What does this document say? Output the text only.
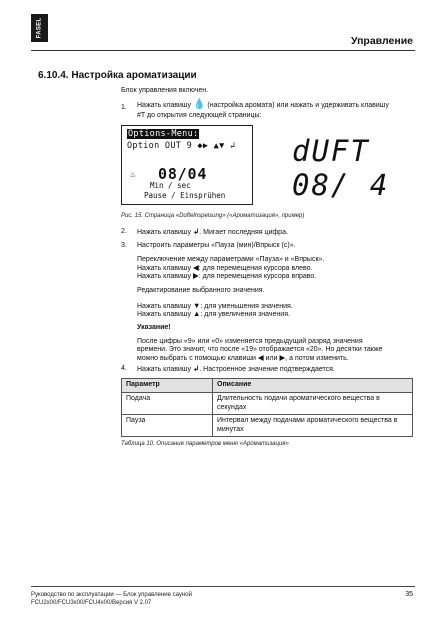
FASEL
Управление
6.10.4. Настройка ароматизации
Блок управления включен.
1. Нажать клавишу 💧 (настройка аромата) или нажать и удерживать клавишу
#T до открытия следующей страницы:
Options-Menu:
Option OUT 9 ◆▶ ▲▼ ↲
♨ 08/04
Min / sec
Pause / Einsprühen
dUFT
08/ 4
Рис. 15. Страница «Duftelnspeisung» («Ароматизация», пример)
2. Нажать клавишу ↲. Мигает последняя цифра.
3. Настроить параметры «Пауза (мин)/Впрыск (с)».
Переключение между параметрами «Пауза» и «Впрыск».
Нажать клавишу ◀: для перемещения курсора влево.
Нажать клавишу ▶: для перемещения курсора вправо.
Редактирование выбранного значения.
Нажать клавишу ▼: для уменьшения значения.
Нажать клавишу ▲: для увеличения значения.
Указание!
После цифры «9» или «0» изменяется предыдущий разряд значения
времени. Это значит, что после «19» отображается «20». Но десятки также
можно выбрать с помощью клавиши ◀ или ▶, а потом изменить.
4. Нажать клавишу ↲. Настроенное значение подтверждается.
Параметр	Описание
Подача	Длительность подачи ароматического вещества в секундах
Пауза	Интервал между подачами ароматического вещества в минутах
Таблица 10. Описание параметров меню «Ароматизация»
Руководство по эксплуатации — Блок управление сауной
FCU2x00/FCU3x00/FCU4x00/Версия V 2.07
35
